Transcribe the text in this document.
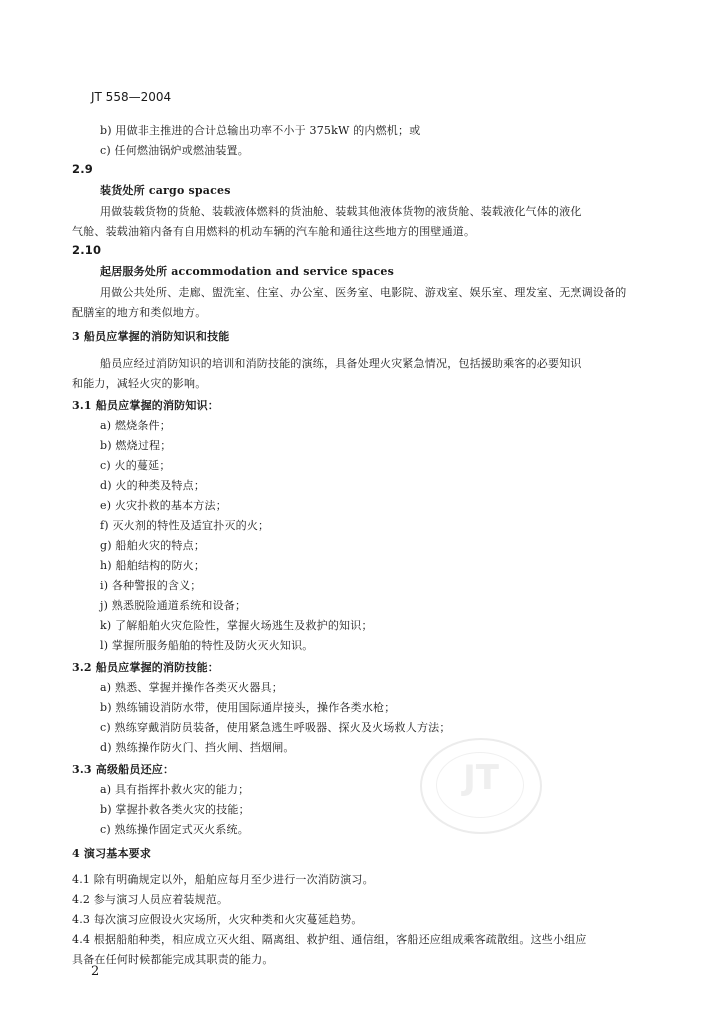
JT 558—2004
b) 用做非主推进的合计总输出功率不小于 375kW 的内燃机；或
c) 任何燃油锅炉或燃油装置。
2.9
装货处所 cargo spaces
用做装载货物的货舱、装载液体燃料的货油舱、装载其他液体货物的液货舱、装载液化气体的液化
气舱、装载油箱内备有自用燃料的机动车辆的汽车舱和通往这些地方的围壁通道。
2.10
起居服务处所 accommodation and service spaces
用做公共处所、走廊、盥洗室、住室、办公室、医务室、电影院、游戏室、娱乐室、理发室、无烹调设备的
配膳室的地方和类似地方。
3 船员应掌握的消防知识和技能
船员应经过消防知识的培训和消防技能的演练，具备处理火灾紧急情况，包括援助乘客的必要知识
和能力，减轻火灾的影响。
3.1 船员应掌握的消防知识：
a) 燃烧条件；
b) 燃烧过程；
c) 火的蔓延；
d) 火的种类及特点；
e) 火灾扑救的基本方法；
f) 灭火剂的特性及适宜扑灭的火；
g) 船舶火灾的特点；
h) 船舶结构的防火；
i) 各种警报的含义；
j) 熟悉脱险通道系统和设备；
k) 了解船舶火灾危险性，掌握火场逃生及救护的知识；
l) 掌握所服务船舶的特性及防火灭火知识。
3.2 船员应掌握的消防技能：
a) 熟悉、掌握并操作各类灭火器具；
b) 熟练铺设消防水带，使用国际通岸接头，操作各类水枪；
c) 熟练穿戴消防员装备，使用紧急逃生呼吸器、探火及火场救人方法；
d) 熟练操作防火门、挡火闸、挡烟闸。
3.3 高级船员还应：
a) 具有指挥扑救火灾的能力；
b) 掌握扑救各类火灾的技能；
c) 熟练操作固定式灭火系统。
4 演习基本要求
4.1 除有明确规定以外，船舶应每月至少进行一次消防演习。
4.2 参与演习人员应着装规范。
4.3 每次演习应假设火灾场所，火灾种类和火灾蔓延趋势。
4.4 根据船舶种类，相应成立灭火组、隔离组、救护组、通信组，客船还应组成乘客疏散组。这些小组应
具备在任何时候都能完成其职责的能力。
JT
2
